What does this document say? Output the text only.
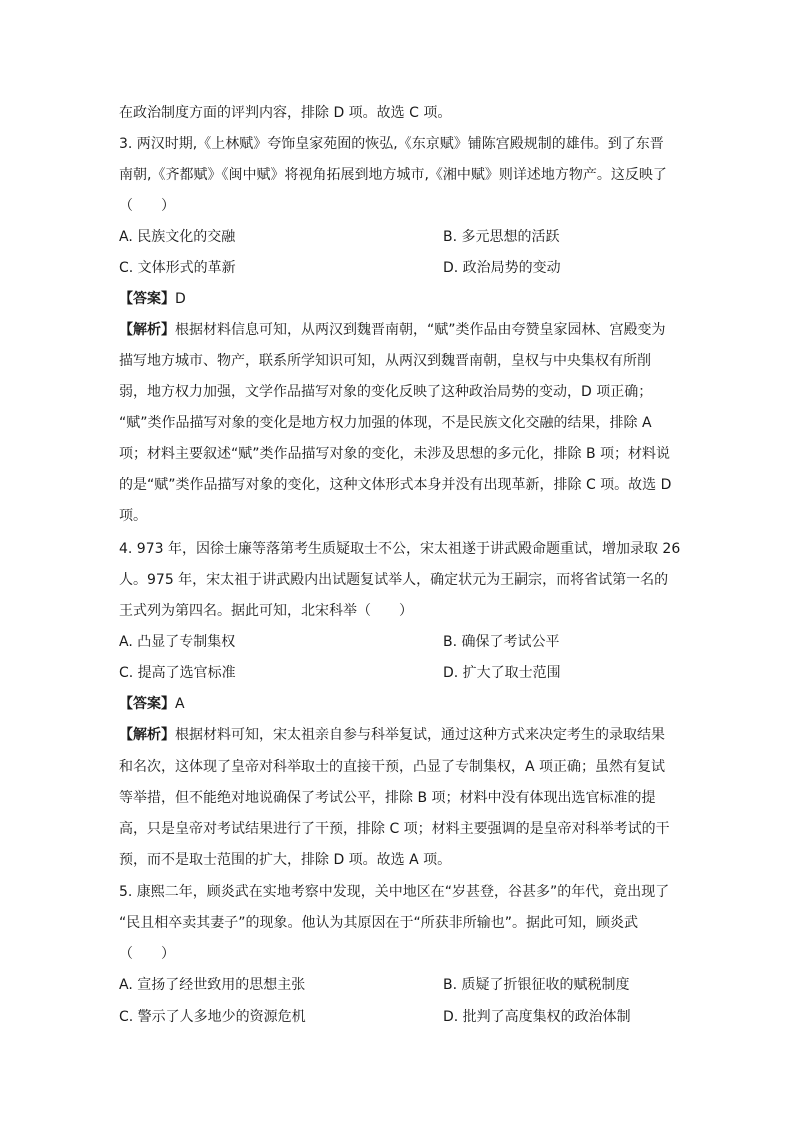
在政治制度方面的评判内容，排除 D 项。故选 C 项。
3. 两汉时期,《上林赋》夸饰皇家苑囿的恢弘,《东京赋》铺陈宫殿规制的雄伟。到了东晋
南朝,《齐都赋》《闽中赋》将视角拓展到地方城市,《湘中赋》则详述地方物产。这反映了
（　　）
A. 民族文化的交融	B. 多元思想的活跃
C. 文体形式的革新	D. 政治局势的变动
【答案】D
【解析】根据材料信息可知，从两汉到魏晋南朝，“赋”类作品由夸赞皇家园林、宫殿变为
描写地方城市、物产，联系所学知识可知，从两汉到魏晋南朝，皇权与中央集权有所削
弱，地方权力加强，文学作品描写对象的变化反映了这种政治局势的变动，D 项正确；
“赋”类作品描写对象的变化是地方权力加强的体现，不是民族文化交融的结果，排除 A
项；材料主要叙述“赋”类作品描写对象的变化，未涉及思想的多元化，排除 B 项；材料说
的是“赋”类作品描写对象的变化，这种文体形式本身并没有出现革新，排除 C 项。故选 D
项。
4. 973 年，因徐士廉等落第考生质疑取士不公，宋太祖遂于讲武殿命题重试，增加录取 26
人。975 年，宋太祖于讲武殿内出试题复试举人，确定状元为王嗣宗，而将省试第一名的
王式列为第四名。据此可知，北宋科举（　　）
A. 凸显了专制集权	B. 确保了考试公平
C. 提高了选官标准	D. 扩大了取士范围
【答案】A
【解析】根据材料可知，宋太祖亲自参与科举复试，通过这种方式来决定考生的录取结果
和名次，这体现了皇帝对科举取士的直接干预，凸显了专制集权，A 项正确；虽然有复试
等举措，但不能绝对地说确保了考试公平，排除 B 项；材料中没有体现出选官标准的提
高，只是皇帝对考试结果进行了干预，排除 C 项；材料主要强调的是皇帝对科举考试的干
预，而不是取士范围的扩大，排除 D 项。故选 A 项。
5. 康熙二年，顾炎武在实地考察中发现，关中地区在“岁甚登，谷甚多”的年代，竟出现了
“民且相卒卖其妻子”的现象。他认为其原因在于“所获非所输也”。据此可知，顾炎武
（　　）
A. 宣扬了经世致用的思想主张	B. 质疑了折银征收的赋税制度
C. 警示了人多地少的资源危机	D. 批判了高度集权的政治体制
